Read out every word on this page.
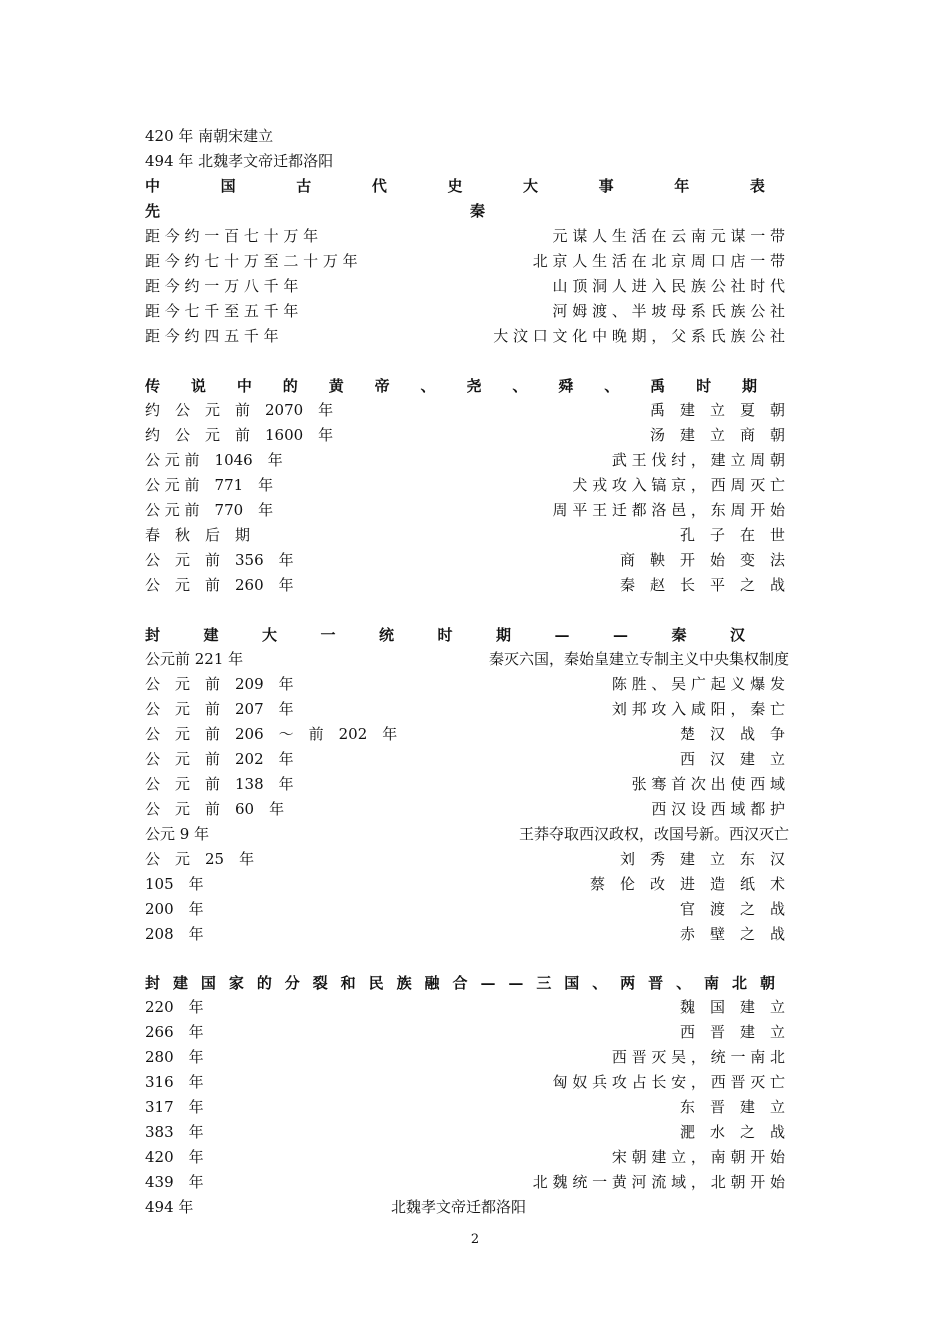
420 年 南朝宋建立
494 年 北魏孝文帝迁都洛阳
中	国	古	代	史	大	事	年	表
先	秦
距 今 约 一 百 七 十 万 年	元 谋 人 生 活 在 云 南 元 谋 一 带
距 今 约 七 十 万 至 二 十 万 年	北 京 人 生 活 在 北 京 周 口 店 一 带
距 今 约 一 万 八 千 年	山 顶 洞 人 进 入 民 族 公 社 时 代
距 今 七 千 至 五 千 年	河 姆 渡 、 半 坡 母 系 氏 族 公 社
距 今 约 四 五 千 年	大 汶 口 文 化 中 晚 期 ， 父 系 氏 族 公 社
传 说 中 的 黄 帝 、 尧 、 舜 、 禹 时 期
约　公　元　前　2070　年	禹　建　立　夏　朝
约　公　元　前　1600　年	汤　建　立　商　朝
公 元 前　1046　年	武 王 伐 纣 ， 建 立 周 朝
公 元 前　771　年	犬 戎 攻 入 镐 京 ， 西 周 灭 亡
公 元 前　770　年	周 平 王 迁 都 洛 邑 ， 东 周 开 始
春　秋　后　期	孔　子　在　世
公　元　前　356　年	商　鞅　开　始　变　法
公　元　前　260　年	秦　赵　长　平　之　战
封	建	大	一	统	时	期	—	—	秦	汉
公元前 221 年	秦灭六国，秦始皇建立专制主义中央集权制度
公　元　前　209　年	陈 胜 、 吴 广 起 义 爆 发
公　元　前　207　年	刘 邦 攻 入 咸 阳 ， 秦 亡
公　元　前　206　～　前　202　年	楚　汉　战　争
公　元　前　202　年	西　汉　建　立
公　元　前　138　年	张 骞 首 次 出 使 西 域
公　元　前　60　年	西 汉 设 西 域 都 护
公元 9 年	王莽夺取西汉政权，改国号新。西汉灭亡
公　元　25　年	刘　秀　建　立　东　汉
105　年	蔡　伦　改　进　造　纸　术
200　年	官　渡　之　战
208　年	赤　壁　之　战
封 建 国 家 的 分 裂 和 民 族 融 合 — — 三 国 、 两 晋 、 南 北 朝
220　年	魏　国　建　立
266　年	西　晋　建　立
280　年	西 晋 灭 吴 ， 统 一 南 北
316　年	匈 奴 兵 攻 占 长 安 ， 西 晋 灭 亡
317　年	东　晋　建　立
383　年	淝　水　之　战
420　年	宋 朝 建 立 ， 南 朝 开 始
439　年	北 魏 统 一 黄 河 流 域 ， 北 朝 开 始
494 年	北魏孝文帝迁都洛阳
2
